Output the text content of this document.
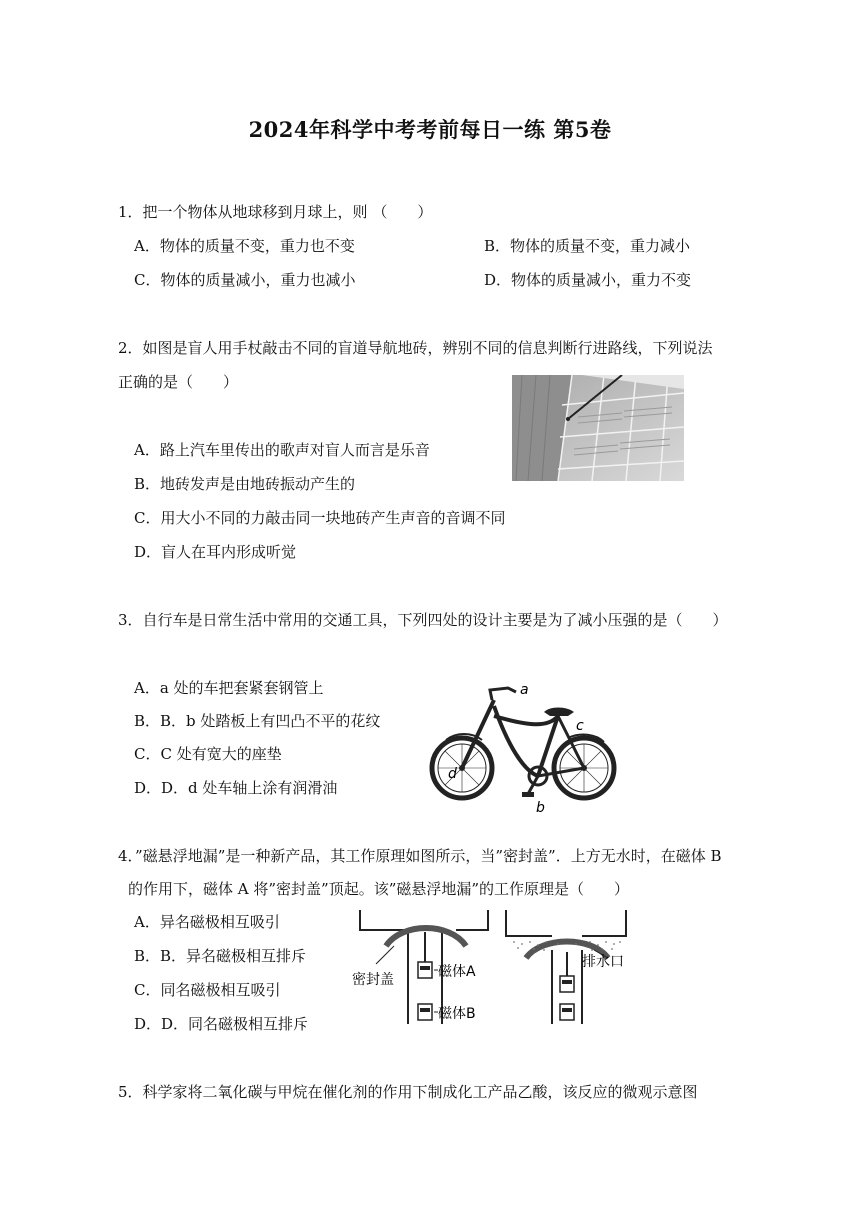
2024年科学中考考前每日一练 第5卷
1．把一个物体从地球移到月球上，则 （　　）
A．物体的质量不变，重力也不变	B．物体的质量不变，重力减小
C．物体的质量减小，重力也减小	D．物体的质量减小，重力不变
2．如图是盲人用手杖敲击不同的盲道导航地砖，辨别不同的信息判断行进路线，下列说法
正确的是（　　）
A．路上汽车里传出的歌声对盲人而言是乐音
B．地砖发声是由地砖振动产生的
C．用大小不同的力敲击同一块地砖产生声音的音调不同
D．盲人在耳内形成听觉
3．自行车是日常生活中常用的交通工具，下列四处的设计主要是为了减小压强的是（　　）
A．a 处的车把套紧套钢管上
B．B．b 处踏板上有凹凸不平的花纹
C．C 处有宽大的座垫
D．D．d 处车轴上涂有润滑油
a
c
d
b
4．”磁悬浮地漏”是一种新产品，其工作原理如图所示，当”密封盖”．上方无水时，在磁体 B
的作用下，磁体 A 将”密封盖”顶起。该”磁悬浮地漏”的工作原理是（　　）
A．异名磁极相互吸引
B．B．异名磁极相互排斥
C．同名磁极相互吸引
D．D．同名磁极相互排斥
密封盖	磁体A
磁体B
排水口
5．科学家将二氧化碳与甲烷在催化剂的作用下制成化工产品乙酸，该反应的微观示意图
